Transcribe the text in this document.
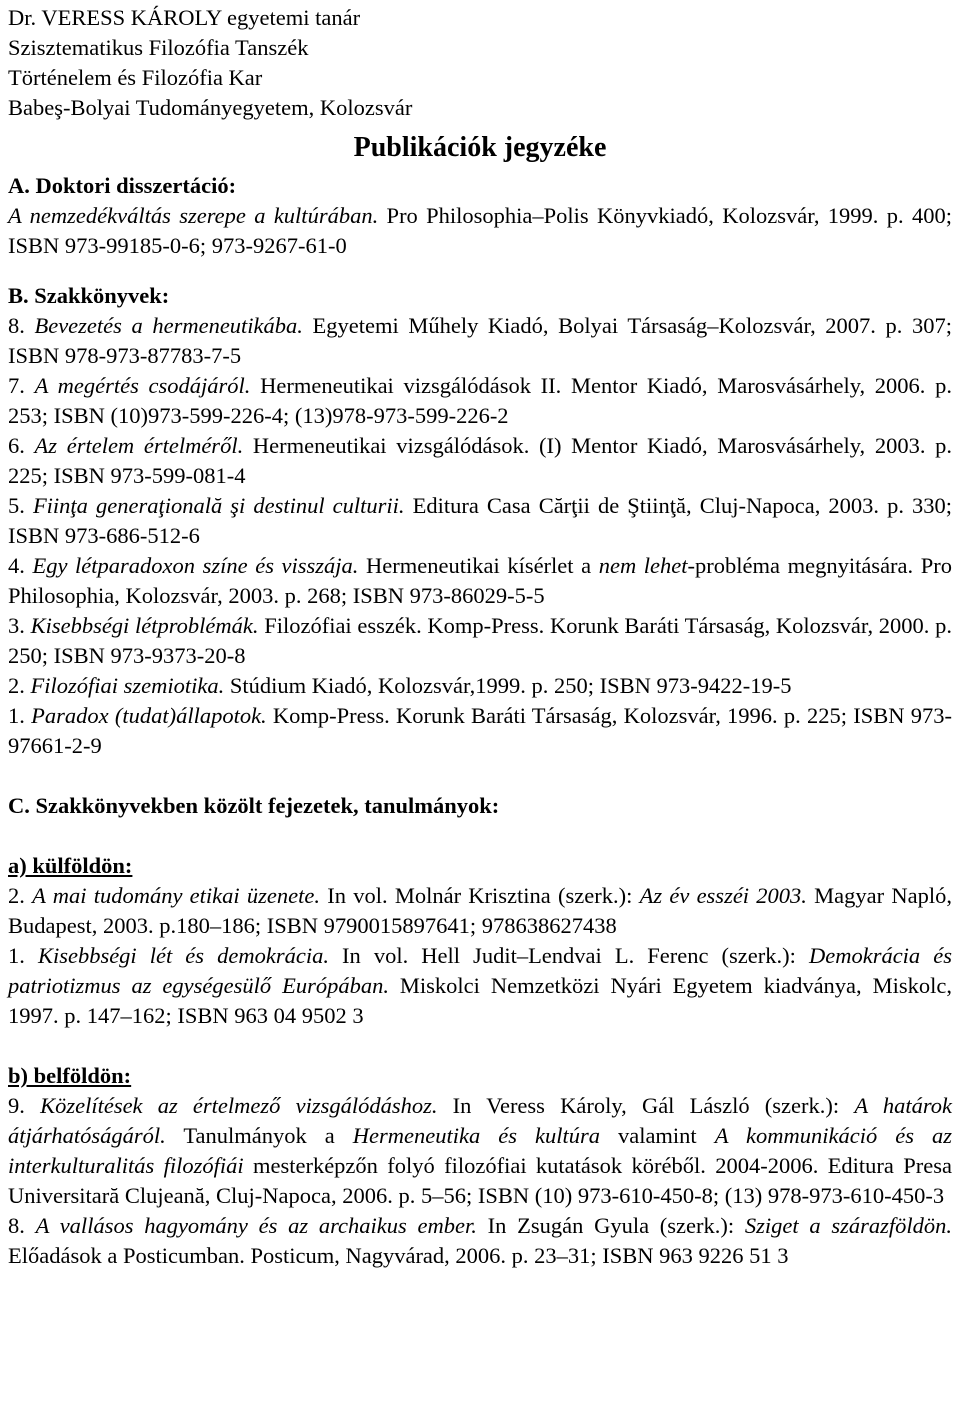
Dr. VERESS KÁROLY egyetemi tanár
Szisztematikus Filozófia Tanszék
Történelem és Filozófia Kar
Babeş-Bolyai Tudományegyetem, Kolozsvár
Publikációk jegyzéke
A. Doktori disszertáció:
A nemzedékváltás szerepe a kultúrában. Pro Philosophia–Polis Könyvkiadó, Kolozsvár, 1999. p. 400; ISBN 973-99185-0-6; 973-9267-61-0
B. Szakkönyvek:
8. Bevezetés a hermeneutikába. Egyetemi Műhely Kiadó, Bolyai Társaság–Kolozsvár, 2007. p. 307; ISBN 978-973-87783-7-5
7. A megértés csodájáról. Hermeneutikai vizsgálódások II. Mentor Kiadó, Marosvásárhely, 2006. p. 253; ISBN (10)973-599-226-4; (13)978-973-599-226-2
6. Az értelem értelméről. Hermeneutikai vizsgálódások. (I) Mentor Kiadó, Marosvásárhely, 2003. p. 225; ISBN 973-599-081-4
5. Fiinţa generaţională şi destinul culturii. Editura Casa Cărţii de Ştiinţă, Cluj-Napoca, 2003. p. 330; ISBN 973-686-512-6
4. Egy létparadoxon színe és visszája. Hermeneutikai kísérlet a nem lehet-probléma megnyitására. Pro Philosophia, Kolozsvár, 2003. p. 268; ISBN 973-86029-5-5
3. Kisebbségi létproblémák. Filozófiai esszék. Komp-Press. Korunk Baráti Társaság, Kolozsvár, 2000. p. 250; ISBN 973-9373-20-8
2. Filozófiai szemiotika. Stúdium Kiadó, Kolozsvár,1999. p. 250; ISBN 973-9422-19-5
1. Paradox (tudat)állapotok. Komp-Press. Korunk Baráti Társaság, Kolozsvár, 1996. p. 225; ISBN 973-97661-2-9
C. Szakkönyvekben közölt fejezetek, tanulmányok:
a) külföldön:
2. A mai tudomány etikai üzenete. In vol. Molnár Krisztina (szerk.): Az év esszéi 2003. Magyar Napló, Budapest, 2003. p.180–186; ISBN 9790015897641; 978638627438
1. Kisebbségi lét és demokrácia. In vol. Hell Judit–Lendvai L. Ferenc (szerk.): Demokrácia és patriotizmus az egységesülő Európában. Miskolci Nemzetközi Nyári Egyetem kiadványa, Miskolc, 1997. p. 147–162; ISBN 963 04 9502 3
b) belföldön:
9. Közelítések az értelmező vizsgálódáshoz. In Veress Károly, Gál László (szerk.): A határok átjárhatóságáról. Tanulmányok a Hermeneutika és kultúra valamint A kommunikáció és az interkulturalitás filozófiái mesterképzőn folyó filozófiai kutatások köréből. 2004-2006. Editura Presa Universitară Clujeană, Cluj-Napoca, 2006. p. 5–56; ISBN (10) 973-610-450-8; (13) 978-973-610-450-3
8. A vallásos hagyomány és az archaikus ember. In Zsugán Gyula (szerk.): Sziget a szárazföldön. Előadások a Posticumban. Posticum, Nagyvárad, 2006. p. 23–31; ISBN 963 9226 51 3
